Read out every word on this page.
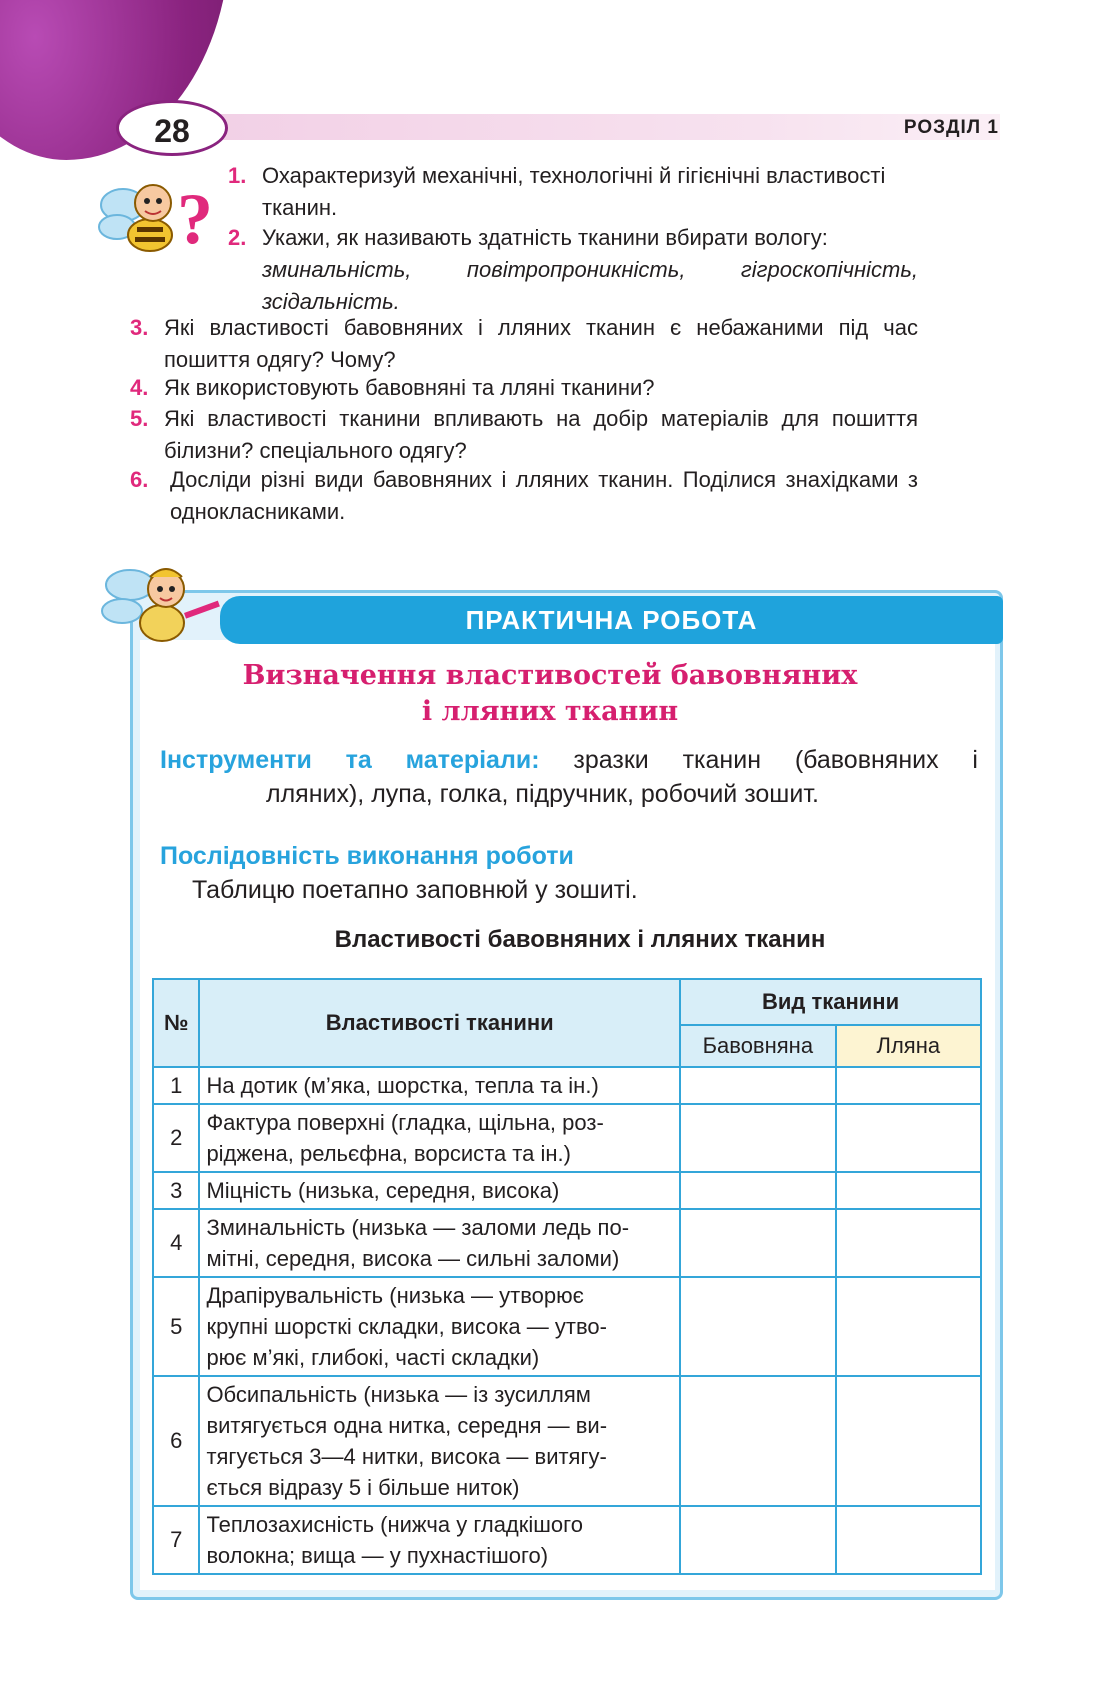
28	РОЗДІЛ 1
?
1. Охарактеризуй механічні, технологічні й гігієнічні властивості тканин.
2. Укажи, як називають здатність тканини вбирати вологу:
зминальність, повітропроникність, гігроскопічність, зсідальність.
3. Які властивості бавовняних і лляних тканин є небажаними під час пошиття одягу? Чому?
4. Як використовують бавовняні та лляні тканини?
5. Які властивості тканини впливають на добір матеріалів для пошиття білизни? спеціального одягу?
6. Досліди різні види бавовняних і лляних тканин. Поділися знахідками з однокласниками.
ПРАКТИЧНА РОБОТА
Визначення властивостей бавовняних
і лляних тканин
Інструменти та матеріали: зразки тканин (бавовняних і
лляних), лупа, голка, підручник, робочий зошит.
Послідовність виконання роботи
Таблицю поетапно заповнюй у зошиті.
Властивості бавовняних і лляних тканин
№	Властивості тканини	Вид тканини	
		Бавовняна	Лляна
1	На дотик (м’яка, шорстка, тепла та ін.)		

2	Фактура поверхні (гладка, щільна, роз-
ріджена, рельєфна, ворсиста та ін.)		

3	Міцність (низька, середня, висока)		

4	Зминальність (низька — заломи ледь по-
мітні, середня, висока — сильні заломи)		

5	Драпірувальність (низька — утворює
крупні шорсткі складки, висока — утво-
рює м’які, глибокі, часті складки)		

6	Обсипальність (низька — із зусиллям
витягується одна нитка, середня — ви-
тягується 3—4 нитки, висока — витягу-
ється відразу 5 і більше ниток)		

7	Теплозахисність (нижча у гладкішого
волокна; вища — у пухнастішого)		
